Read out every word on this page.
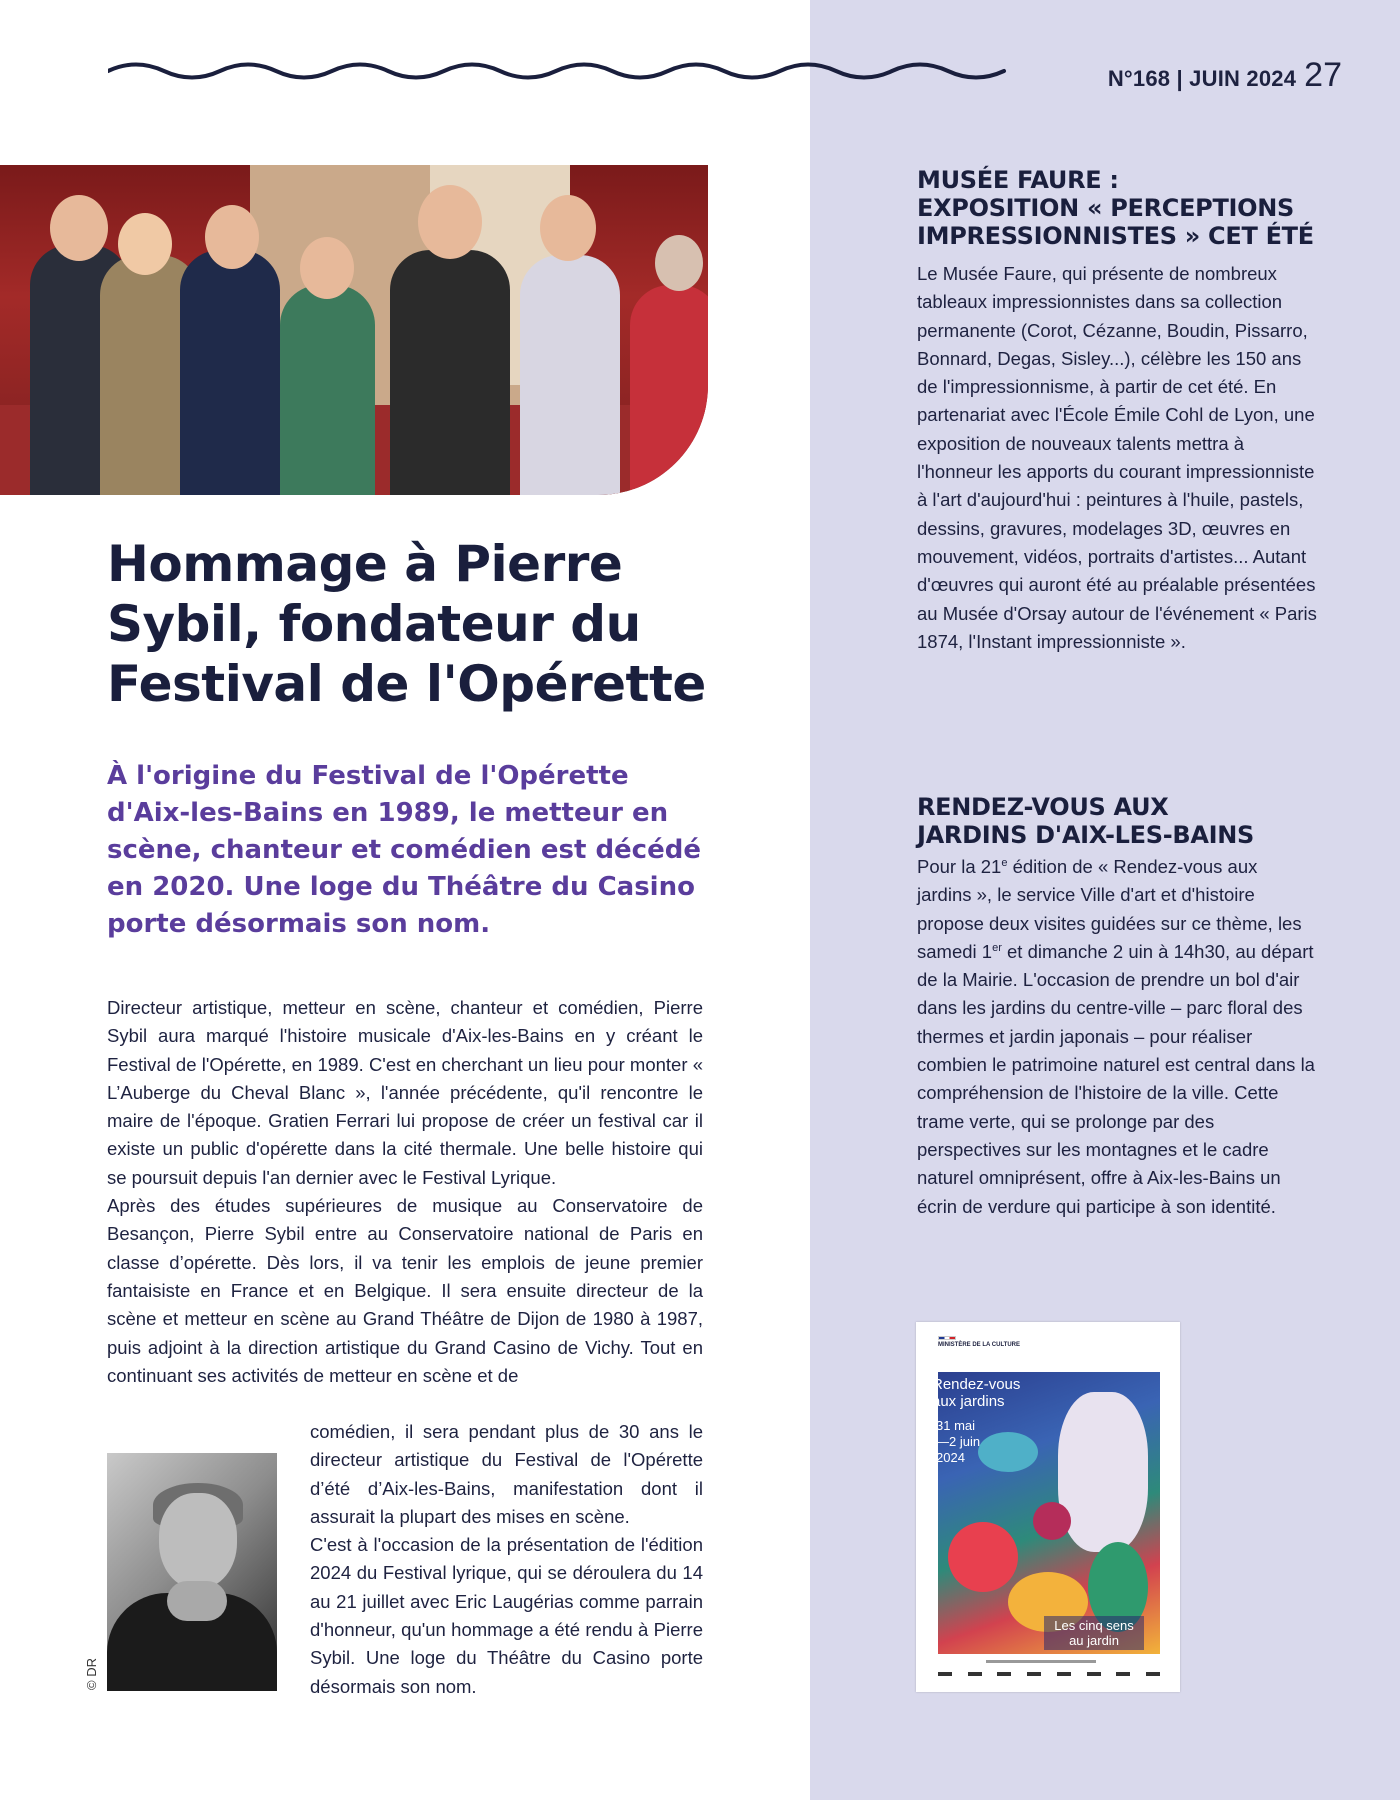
N°168 | JUIN 2024 27
Hommage à Pierre Sybil, fondateur du Festival de l'Opérette

À l'origine du Festival de l'Opérette d'Aix-les-Bains en 1989, le metteur en scène, chanteur et comédien est décédé en 2020. Une loge du Théâtre du Casino porte désormais son nom.

Directeur artistique, metteur en scène, chanteur et comédien, Pierre Sybil aura marqué l'histoire musicale d'Aix-les-Bains en y créant le Festival de l'Opérette, en 1989. C'est en cherchant un lieu pour monter « L’Auberge du Cheval Blanc », l'année précédente, qu'il rencontre le maire de l'époque. Gratien Ferrari lui propose de créer un festival car il existe un public d'opérette dans la cité thermale. Une belle histoire qui se poursuit depuis l'an dernier avec le Festival Lyrique.

Après des études supérieures de musique au Conservatoire de Besançon, Pierre Sybil entre au Conservatoire national de Paris en classe d’opérette. Dès lors, il va tenir les emplois de jeune premier fantaisiste en France et en Belgique. Il sera ensuite directeur de la scène et metteur en scène au Grand Théâtre de Dijon de 1980 à 1987, puis adjoint à la direction artistique du Grand Casino de Vichy. Tout en continuant ses activités de metteur en scène et de

© DR

comédien, il sera pendant plus de 30 ans le directeur artistique du Festival de l'Opérette d’été d’Aix-les-Bains, manifestation dont il assurait la plupart des mises en scène.

C'est à l'occasion de la présentation de l'édition 2024 du Festival lyrique, qui se déroulera du 14 au 21 juillet avec Eric Laugérias comme parrain d'honneur, qu'un hommage a été rendu à Pierre Sybil. Une loge du Théâtre du Casino porte désormais son nom.

MUSÉE FAURE :
EXPOSITION « PERCEPTIONS
IMPRESSIONNISTES » CET ÉTÉ

Le Musée Faure, qui présente de nombreux tableaux impressionnistes dans sa collection permanente (Corot, Cézanne, Boudin, Pissarro, Bonnard, Degas, Sisley...), célèbre les 150 ans de l'impressionnisme, à partir de cet été. En partenariat avec l'École Émile Cohl de Lyon, une exposition de nouveaux talents mettra à l'honneur les apports du courant impressionniste à l'art d'aujourd'hui : peintures à l'huile, pastels, dessins, gravures, modelages 3D, œuvres en mouvement, vidéos, portraits d'artistes... Autant d'œuvres qui auront été au préalable présentées au Musée d'Orsay autour de l'événement « Paris 1874, l'Instant impressionniste ».

RENDEZ-VOUS AUX
JARDINS D'AIX-LES-BAINS

Pour la 21e édition de « Rendez-vous aux jardins », le service Ville d'art et d'histoire propose deux visites guidées sur ce thème, les samedi 1er et dimanche 2 uin à 14h30, au départ de la Mairie. L'occasion de prendre un bol d'air dans les jardins du centre-ville – parc floral des thermes et jardin japonais – pour réaliser combien le patrimoine naturel est central dans la compréhension de l'histoire de la ville. Cette trame verte, qui se prolonge par des perspectives sur les montagnes et le cadre naturel omniprésent, offre à Aix-les-Bains un écrin de verdure qui participe à son identité.

MINISTÈRE DE LA CULTURE
Rendez-vous
aux jardins
31 mai
—2 juin
2024
Les cinq sens
au jardin
